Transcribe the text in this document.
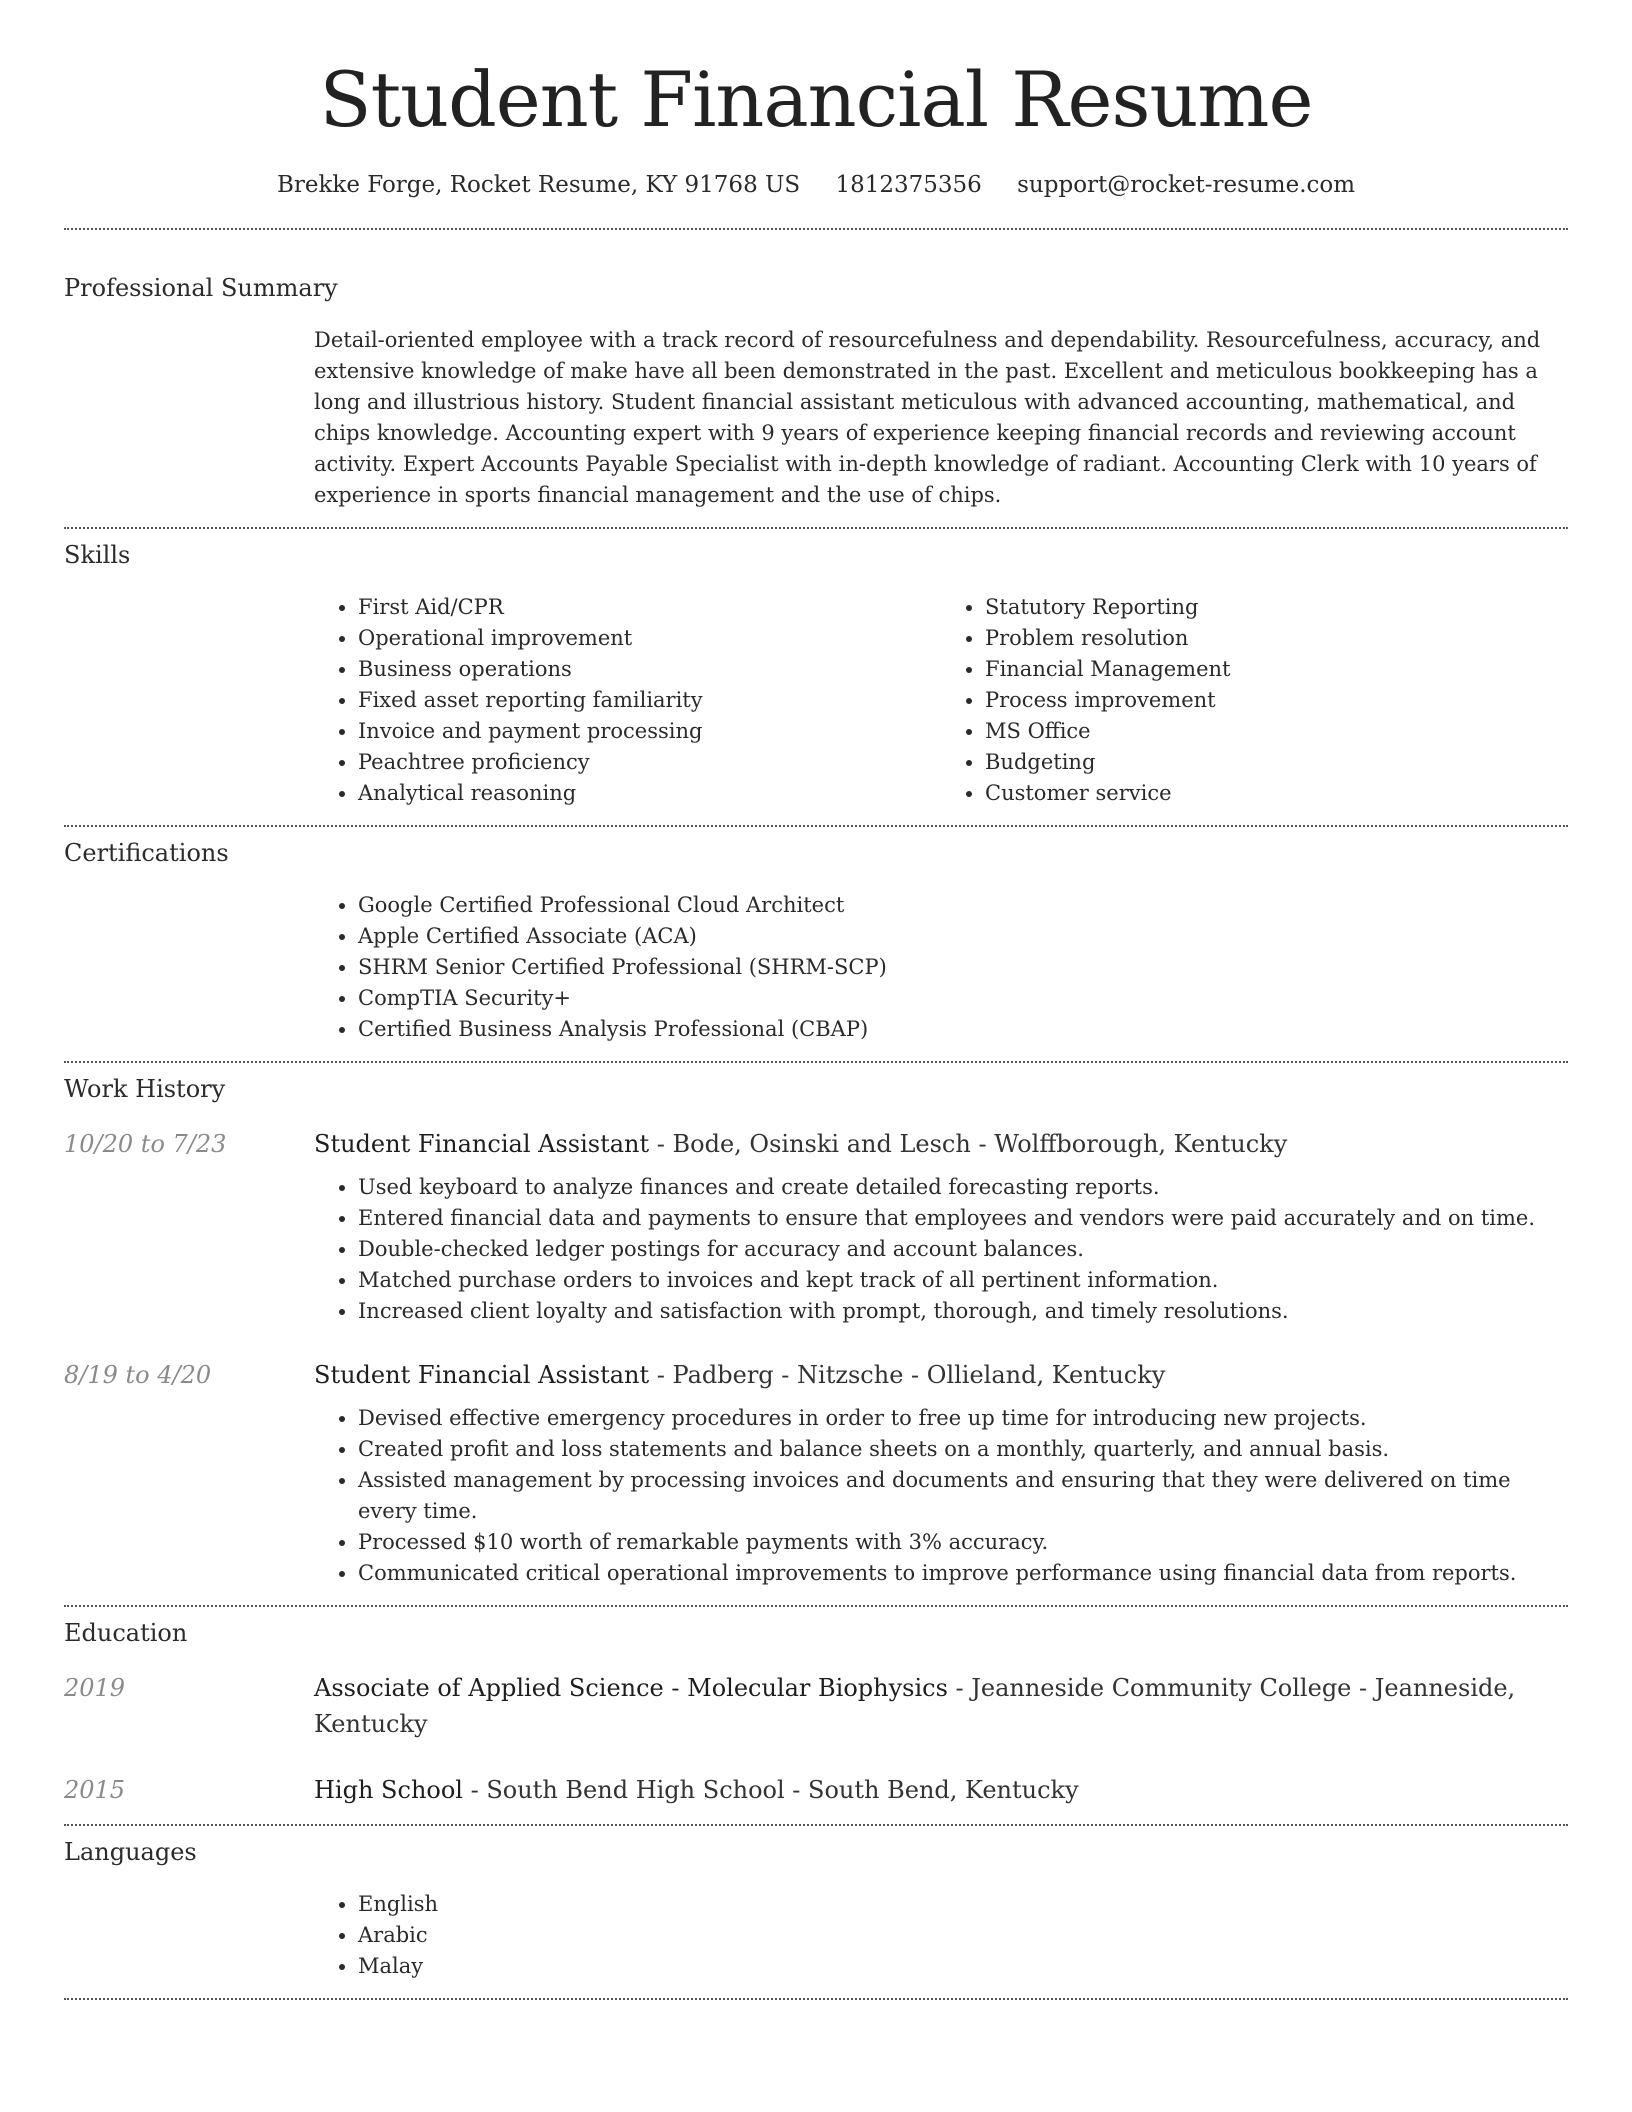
Student Financial Resume
Brekke Forge, Rocket Resume, KY 91768 US 1812375356 support@rocket-resume.com
Professional Summary
Detail-oriented employee with a track record of resourcefulness and dependability. Resourcefulness, accuracy, and extensive knowledge of make have all been demonstrated in the past. Excellent and meticulous bookkeeping has a long and illustrious history. Student financial assistant meticulous with advanced accounting, mathematical, and chips knowledge. Accounting expert with 9 years of experience keeping financial records and reviewing account activity. Expert Accounts Payable Specialist with in-depth knowledge of radiant. Accounting Clerk with 10 years of experience in sports financial management and the use of chips.
Skills
• First Aid/CPR
• Operational improvement
• Business operations
• Fixed asset reporting familiarity
• Invoice and payment processing
• Peachtree proficiency
• Analytical reasoning
• Statutory Reporting
• Problem resolution
• Financial Management
• Process improvement
• MS Office
• Budgeting
• Customer service
Certifications
• Google Certified Professional Cloud Architect
• Apple Certified Associate (ACA)
• SHRM Senior Certified Professional (SHRM-SCP)
• CompTIA Security+
• Certified Business Analysis Professional (CBAP)
Work History
10/20 to 7/23	Student Financial Assistant - Bode, Osinski and Lesch - Wolffborough, Kentucky
• Used keyboard to analyze finances and create detailed forecasting reports.
• Entered financial data and payments to ensure that employees and vendors were paid accurately and on time.
• Double-checked ledger postings for accuracy and account balances.
• Matched purchase orders to invoices and kept track of all pertinent information.
• Increased client loyalty and satisfaction with prompt, thorough, and timely resolutions.
8/19 to 4/20	Student Financial Assistant - Padberg - Nitzsche - Ollieland, Kentucky
• Devised effective emergency procedures in order to free up time for introducing new projects.
• Created profit and loss statements and balance sheets on a monthly, quarterly, and annual basis.
• Assisted management by processing invoices and documents and ensuring that they were delivered on time every time.
• Processed $10 worth of remarkable payments with 3% accuracy.
• Communicated critical operational improvements to improve performance using financial data from reports.
Education
2019	Associate of Applied Science - Molecular Biophysics - Jeanneside Community College - Jeanneside, Kentucky
2015	High School - South Bend High School - South Bend, Kentucky
Languages
• English
• Arabic
• Malay
